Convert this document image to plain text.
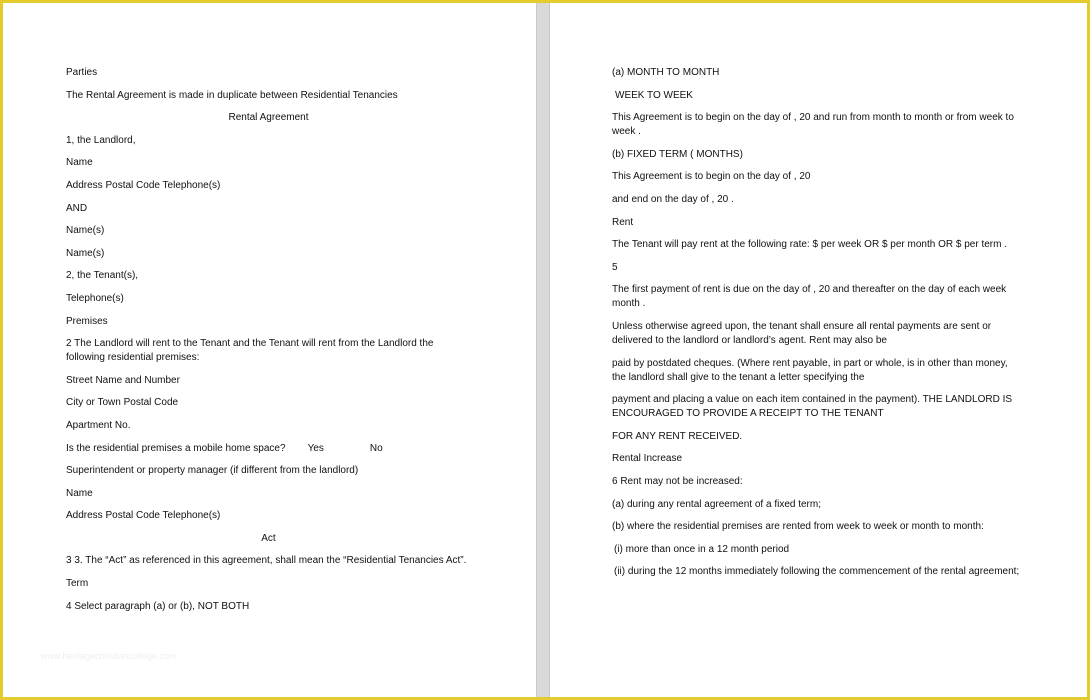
Parties

The Rental Agreement is made in duplicate between Residential Tenancies

Rental Agreement

1, the Landlord,

Name

Address Postal Code Telephone(s)

AND

Name(s)

Name(s)

2, the Tenant(s),

Telephone(s)

Premises

2 The Landlord will rent to the Tenant and the Tenant will rent from the Landlord the following residential premises:

Street Name and Number

City or Town Postal Code

Apartment No.

Is the residential premises a mobile home space? Yes	No

Superintendent or property manager (if different from the landlord)

Name

Address Postal Code Telephone(s)

Act

3 3. The “Act” as referenced in this agreement, shall mean the “Residential Tenancies Act”.

Term

4 Select paragraph (a) or (b), NOT BOTH

www.heritagechristiancollege.com

(a) MONTH TO MONTH

WEEK TO WEEK

This Agreement is to begin on the day of , 20 and run from month to month or from week to week .

(b) FIXED TERM ( MONTHS)

This Agreement is to begin on the day of , 20

and end on the day of , 20 .

Rent

The Tenant will pay rent at the following rate: $ per week OR $ per month OR $ per term .

5

The first payment of rent is due on the day of , 20 and thereafter on the day of each week month .

Unless otherwise agreed upon, the tenant shall ensure all rental payments are sent or delivered to the landlord or landlord’s agent. Rent may also be

paid by postdated cheques. (Where rent payable, in part or whole, is in other than money, the landlord shall give to the tenant a letter specifying the

payment and placing a value on each item contained in the payment). THE LANDLORD IS ENCOURAGED TO PROVIDE A RECEIPT TO THE TENANT

FOR ANY RENT RECEIVED.

Rental Increase

6 Rent may not be increased:

(a) during any rental agreement of a fixed term;

(b) where the residential premises are rented from week to week or month to month:

(i) more than once in a 12 month period

(ii) during the 12 months immediately following the commencement of the rental agreement;
